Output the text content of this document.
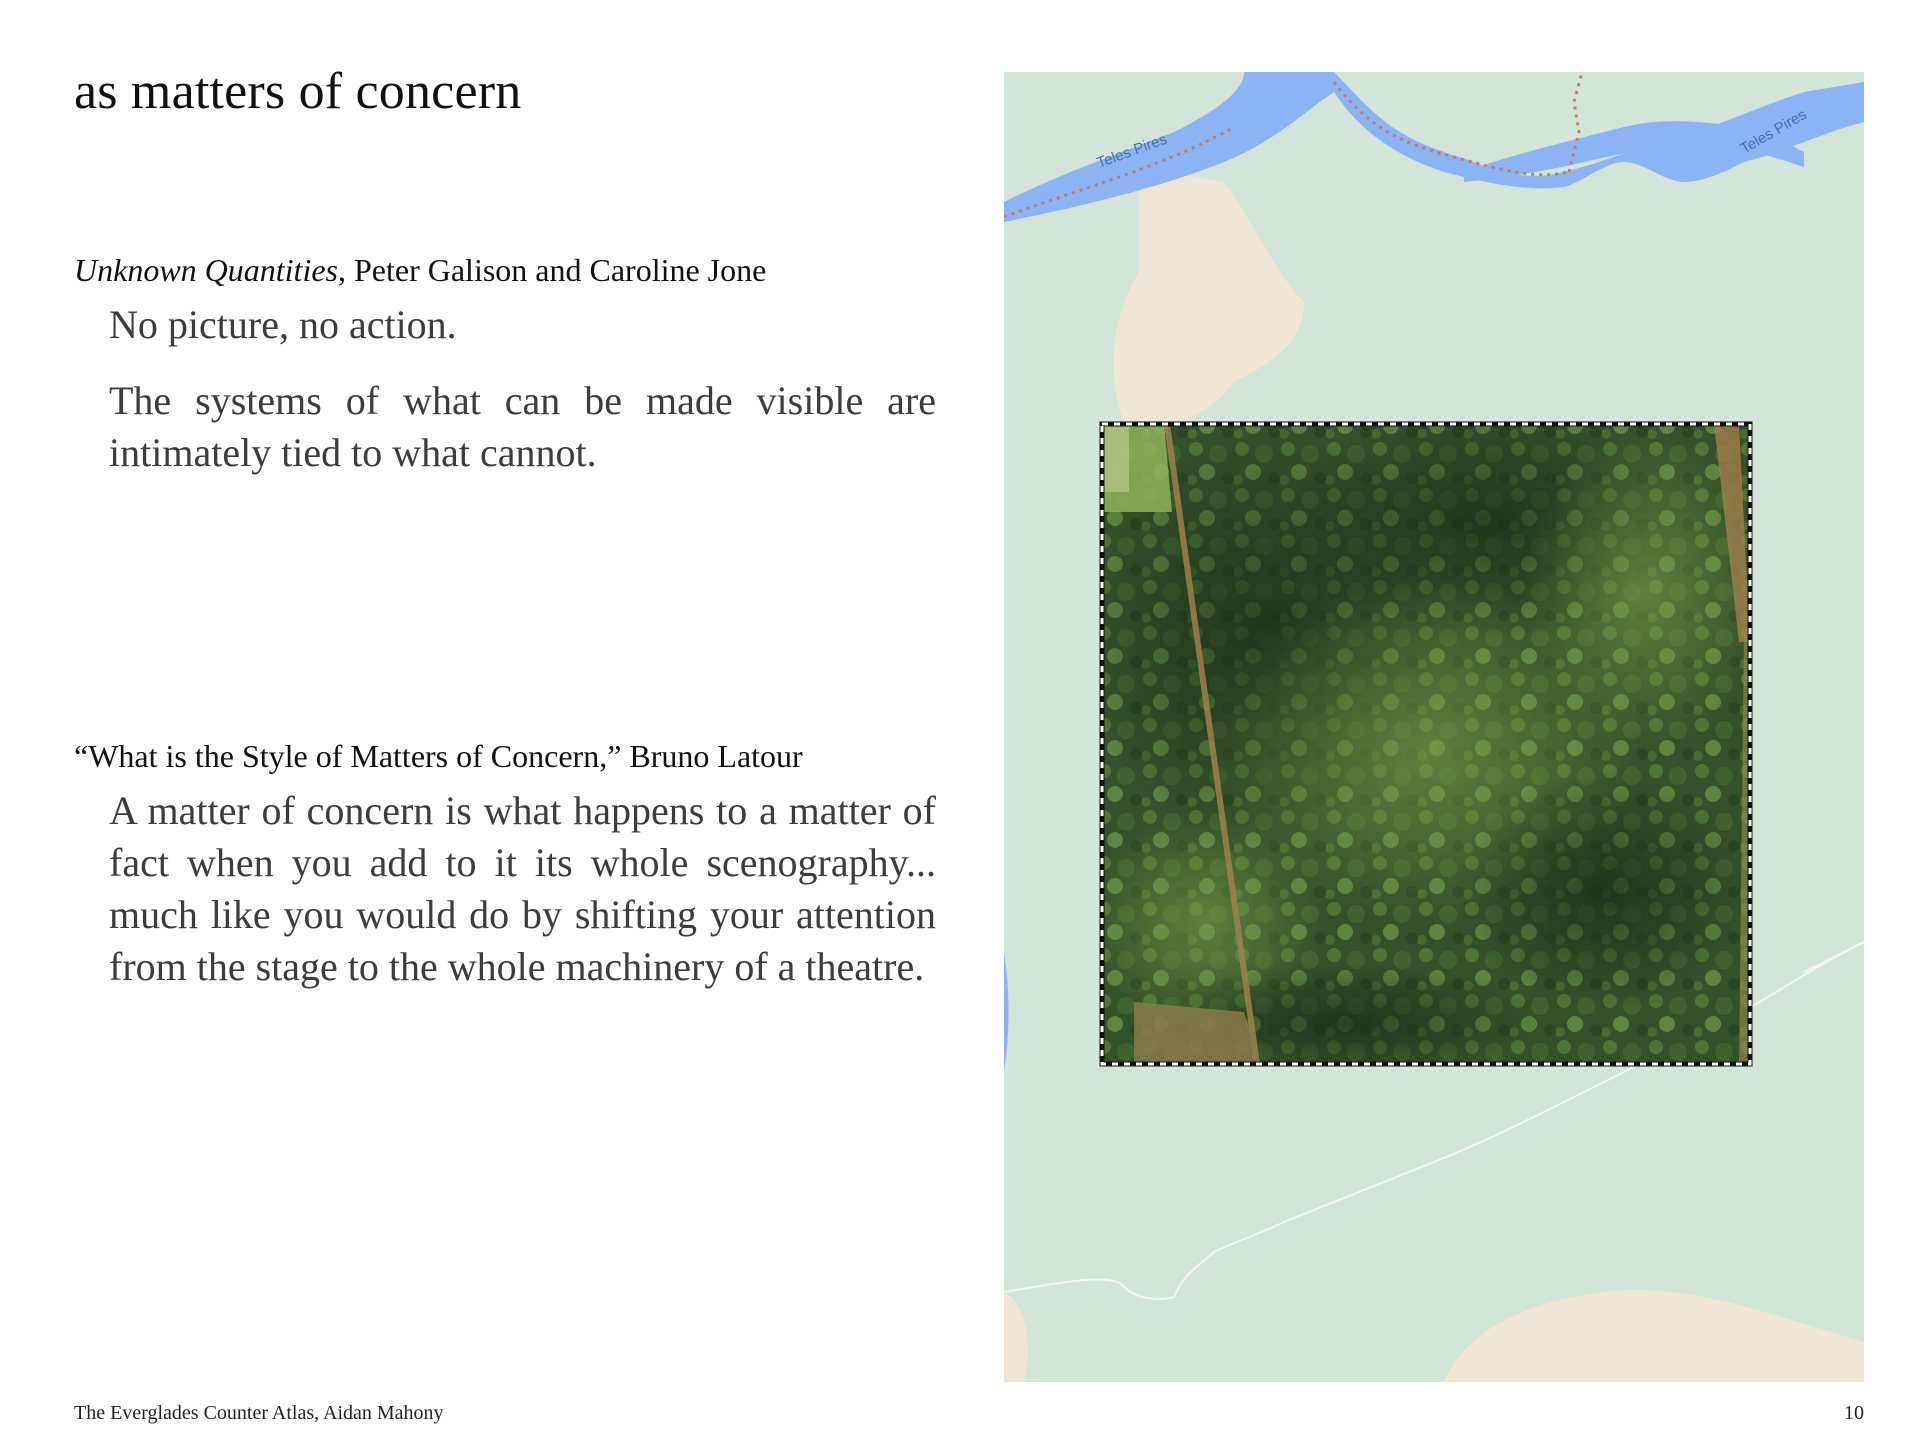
as matters of concern
Unknown Quantities, Peter Galison and Caroline Jone

No picture, no action.

The systems of what can be made visible are intimately tied to what cannot.

“What is the Style of Matters of Concern,” Bruno Latour

A matter of concern is what happens to a matter of fact when you add to it its whole scenography... much like you would do by shifting your attention from the stage to the whole machinery of a theatre.

Teles Pires	Teles Pires
The Everglades Counter Atlas, Aidan Mahony	10
